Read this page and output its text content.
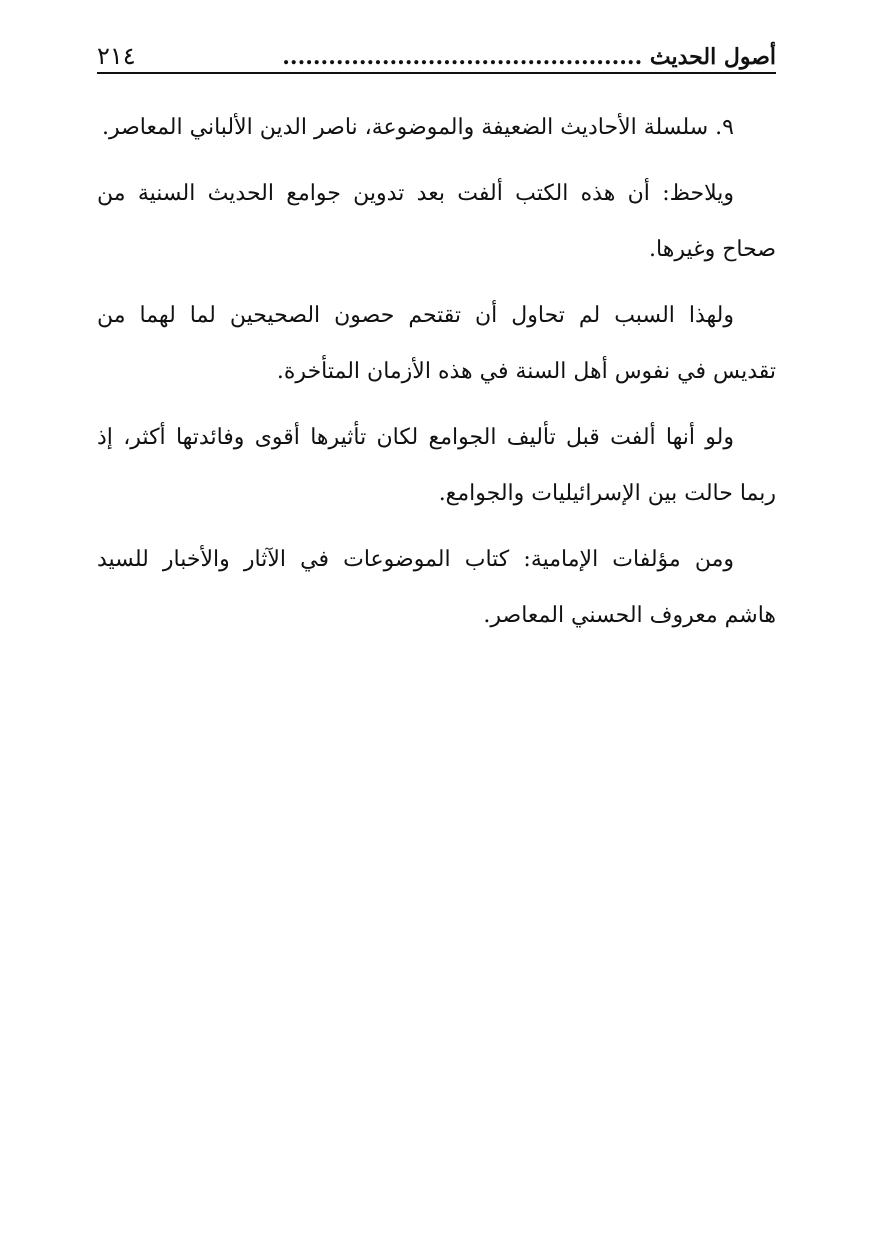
أصول الحديث ...............................................
٢١٤

٩. سلسلة الأحاديث الضعيفة والموضوعة، ناصر الدين الألباني المعاصر.

ويلاحظ: أن هذه الكتب ألفت بعد تدوين جوامع الحديث السنية من صحاح وغيرها.

ولهذا السبب لم تحاول أن تقتحم حصون الصحيحين لما لهما من تقديس في نفوس أهل السنة في هذه الأزمان المتأخرة.

ولو أنها ألفت قبل تأليف الجوامع لكان تأثيرها أقوى وفائدتها أكثر، إذ ربما حالت بين الإسرائيليات والجوامع.

ومن مؤلفات الإمامية: كتاب الموضوعات في الآثار والأخبار للسيد هاشم معروف الحسني المعاصر.
